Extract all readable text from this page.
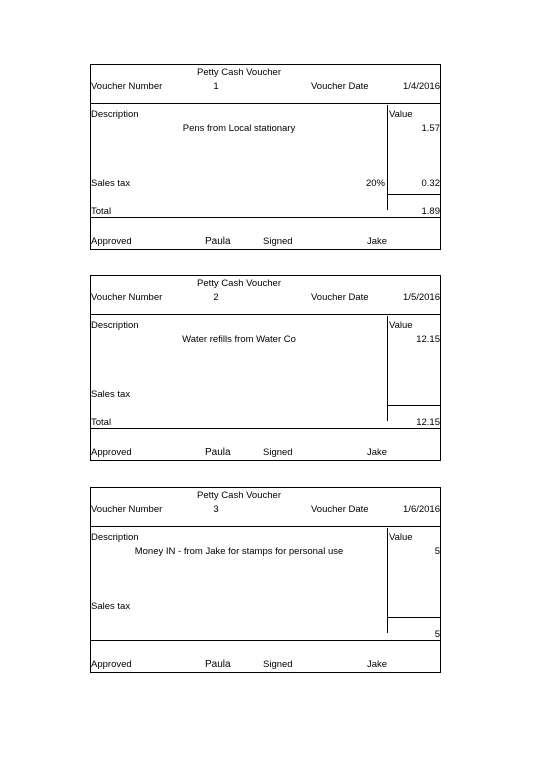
Petty Cash Voucher
Voucher Number	1	Voucher Date	1/4/2016
Description	Value
Pens from Local stationary	1.57
Sales tax	20%	0.32
Total	1.89
Approved	Paula	Signed	Jake
Petty Cash Voucher
Voucher Number	2	Voucher Date	1/5/2016
Description	Value
Water refills from Water Co	12.15
Sales tax
Total	12.15
Approved	Paula	Signed	Jake
Petty Cash Voucher
Voucher Number	3	Voucher Date	1/6/2016
Description	Value
Money IN - from Jake for stamps for personal use	5
Sales tax
5
Approved	Paula	Signed	Jake
